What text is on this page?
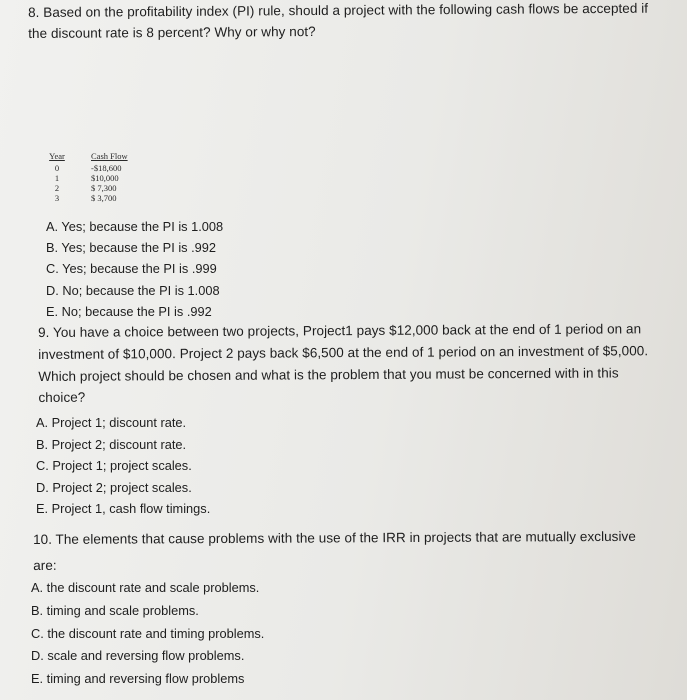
8. Based on the profitability index (PI) rule, should a project with the following cash flows be accepted if the discount rate is 8 percent? Why or why not?

Year
0
1
2
3
Cash Flow
-$18,600
$10,000
$ 7,300
$ 3,700
A. Yes; because the PI is 1.008
B. Yes; because the PI is .992
C. Yes; because the PI is .999
D. No; because the PI is 1.008
E. No; because the PI is .992

9. You have a choice between two projects, Project1 pays $12,000 back at the end of 1 period on an investment of $10,000. Project 2 pays back $6,500 at the end of 1 period on an investment of $5,000. Which project should be chosen and what is the problem that you must be concerned with in this choice?

A. Project 1; discount rate.
B. Project 2; discount rate.
C. Project 1; project scales.
D. Project 2; project scales.
E. Project 1, cash flow timings.

10. The elements that cause problems with the use of the IRR in projects that are mutually exclusive are:

A. the discount rate and scale problems.
B. timing and scale problems.
C. the discount rate and timing problems.
D. scale and reversing flow problems.
E. timing and reversing flow problems
